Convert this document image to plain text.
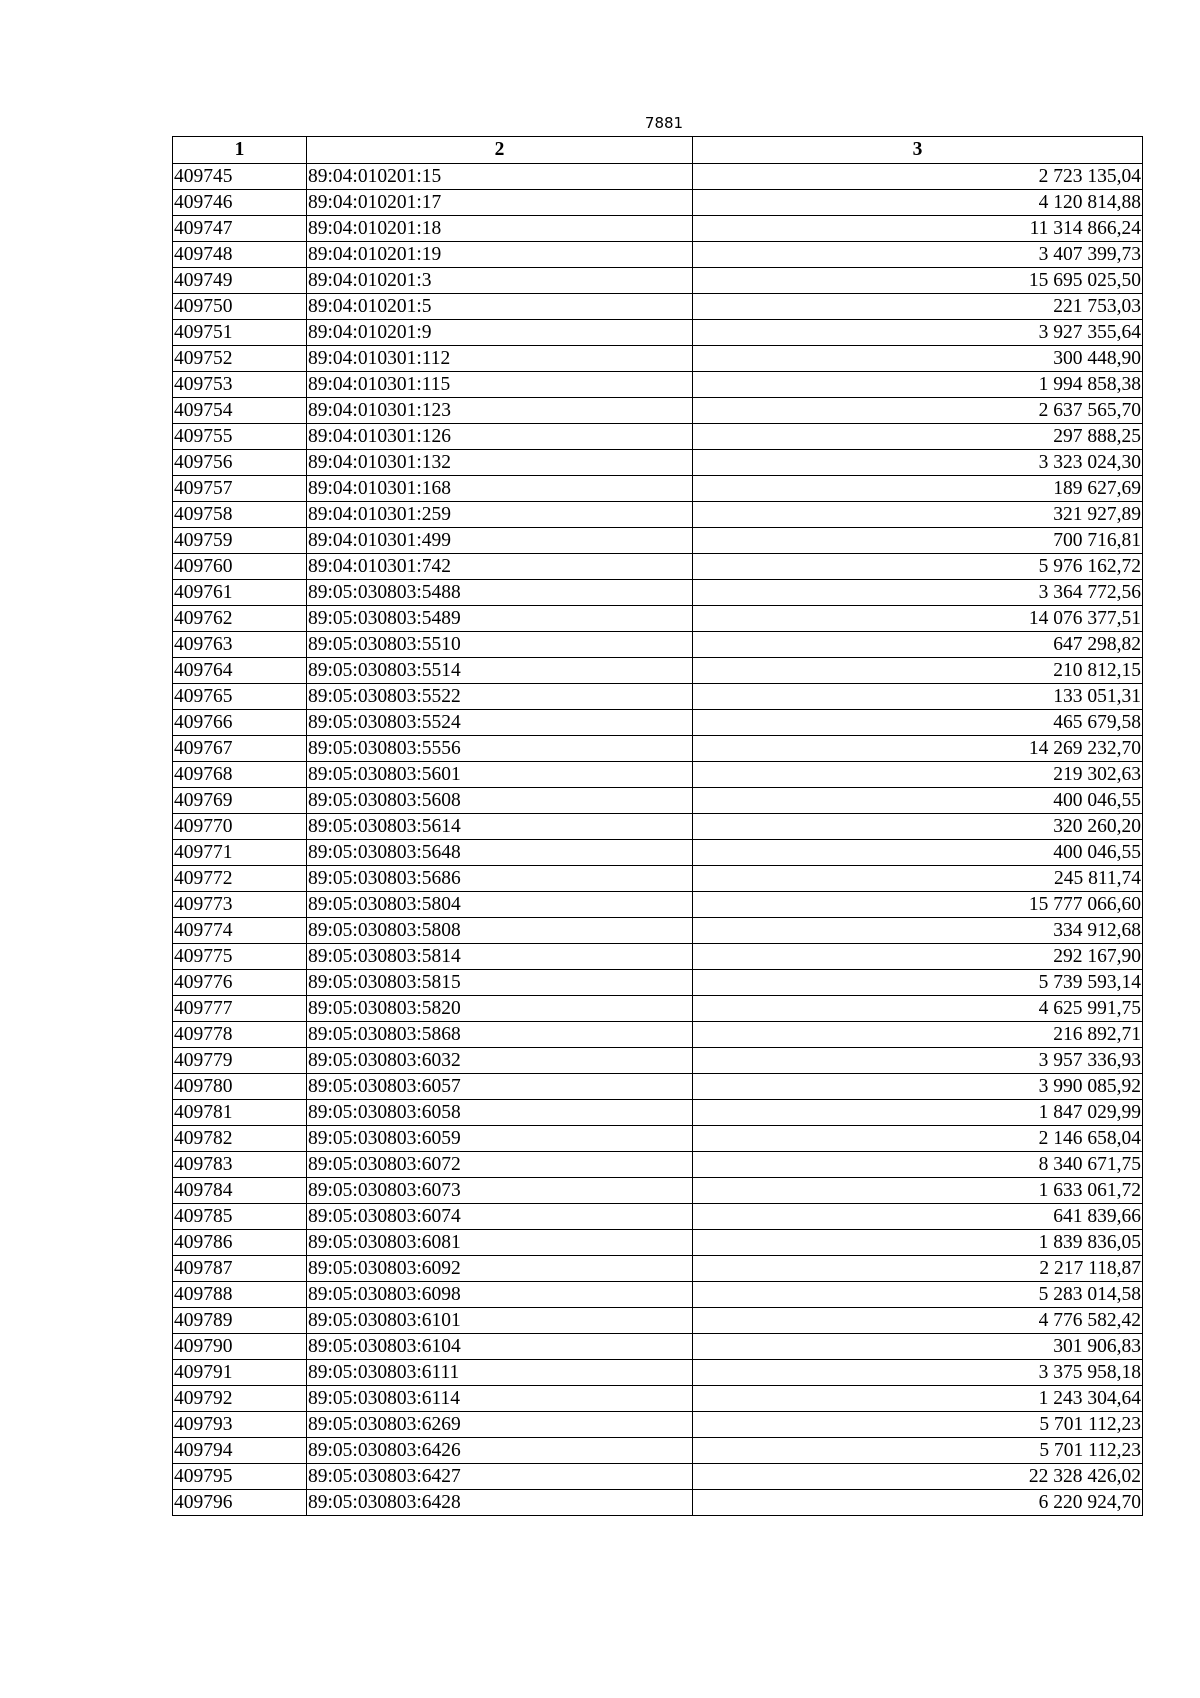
7881
1	2	3
409745	89:04:010201:15	2 723 135,04
409746	89:04:010201:17	4 120 814,88
409747	89:04:010201:18	11 314 866,24
409748	89:04:010201:19	3 407 399,73
409749	89:04:010201:3	15 695 025,50
409750	89:04:010201:5	221 753,03
409751	89:04:010201:9	3 927 355,64
409752	89:04:010301:112	300 448,90
409753	89:04:010301:115	1 994 858,38
409754	89:04:010301:123	2 637 565,70
409755	89:04:010301:126	297 888,25
409756	89:04:010301:132	3 323 024,30
409757	89:04:010301:168	189 627,69
409758	89:04:010301:259	321 927,89
409759	89:04:010301:499	700 716,81
409760	89:04:010301:742	5 976 162,72
409761	89:05:030803:5488	3 364 772,56
409762	89:05:030803:5489	14 076 377,51
409763	89:05:030803:5510	647 298,82
409764	89:05:030803:5514	210 812,15
409765	89:05:030803:5522	133 051,31
409766	89:05:030803:5524	465 679,58
409767	89:05:030803:5556	14 269 232,70
409768	89:05:030803:5601	219 302,63
409769	89:05:030803:5608	400 046,55
409770	89:05:030803:5614	320 260,20
409771	89:05:030803:5648	400 046,55
409772	89:05:030803:5686	245 811,74
409773	89:05:030803:5804	15 777 066,60
409774	89:05:030803:5808	334 912,68
409775	89:05:030803:5814	292 167,90
409776	89:05:030803:5815	5 739 593,14
409777	89:05:030803:5820	4 625 991,75
409778	89:05:030803:5868	216 892,71
409779	89:05:030803:6032	3 957 336,93
409780	89:05:030803:6057	3 990 085,92
409781	89:05:030803:6058	1 847 029,99
409782	89:05:030803:6059	2 146 658,04
409783	89:05:030803:6072	8 340 671,75
409784	89:05:030803:6073	1 633 061,72
409785	89:05:030803:6074	641 839,66
409786	89:05:030803:6081	1 839 836,05
409787	89:05:030803:6092	2 217 118,87
409788	89:05:030803:6098	5 283 014,58
409789	89:05:030803:6101	4 776 582,42
409790	89:05:030803:6104	301 906,83
409791	89:05:030803:6111	3 375 958,18
409792	89:05:030803:6114	1 243 304,64
409793	89:05:030803:6269	5 701 112,23
409794	89:05:030803:6426	5 701 112,23
409795	89:05:030803:6427	22 328 426,02
409796	89:05:030803:6428	6 220 924,70
